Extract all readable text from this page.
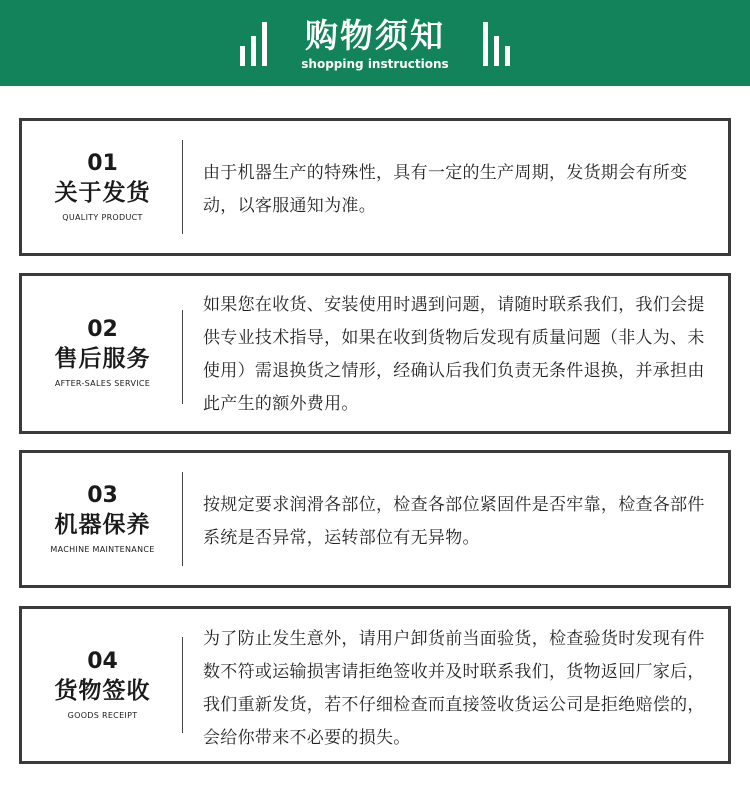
购物须知
shopping instructions
01
关于发货
QUALITY PRODUCT
由于机器生产的特殊性，具有一定的生产周期，发货期会有所变动，以客服通知为准。
02
售后服务
AFTER-SALES SERVICE
如果您在收货、安装使用时遇到问题，请随时联系我们，我们会提供专业技术指导，如果在收到货物后发现有质量问题（非人为、未使用）需退换货之情形，经确认后我们负责无条件退换，并承担由此产生的额外费用。
03
机器保养
MACHINE MAINTENANCE
按规定要求润滑各部位，检查各部位紧固件是否牢靠，检查各部件系统是否异常，运转部位有无异物。
04
货物签收
GOODS RECEIPT
为了防止发生意外，请用户卸货前当面验货，检查验货时发现有件数不符或运输损害请拒绝签收并及时联系我们，货物返回厂家后，我们重新发货，若不仔细检查而直接签收货运公司是拒绝赔偿的，会给你带来不必要的损失。
